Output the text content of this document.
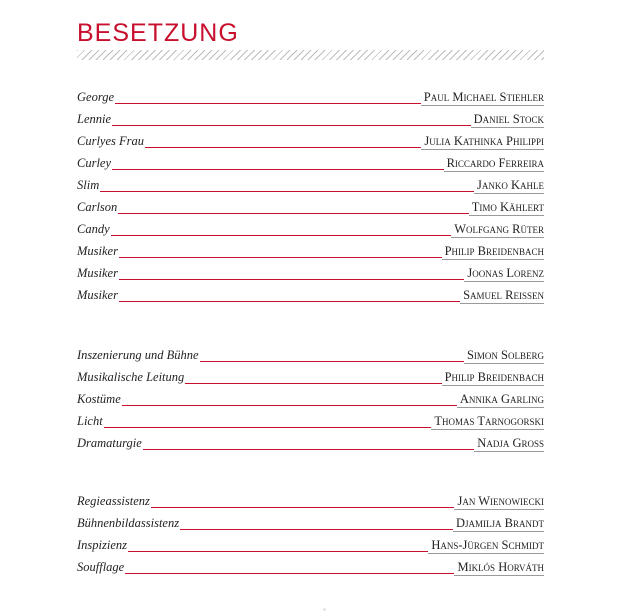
BESETZUNG
George	Paul Michael Stiehler
Lennie	Daniel Stock
Curlyes Frau	Julia Kathinka Philippi
Curley	Riccardo Ferreira
Slim	Janko Kahle
Carlson	Timo Kählert
Candy	Wolfgang Rüter
Musiker	Philip Breidenbach
Musiker	Joonas Lorenz
Musiker	Samuel Reissen
Inszenierung und Bühne	Simon Solberg
Musikalische Leitung	Philip Breidenbach
Kostüme	Annika Garling
Licht	Thomas Tarnogorski
Dramaturgie	Nadja Groß
Regieassistenz	Jan Wienowiecki
Bühnenbildassistenz	Djamilja Brandt
Inspizienz	Hans-Jürgen Schmidt
Soufflage	Miklós Horváth
